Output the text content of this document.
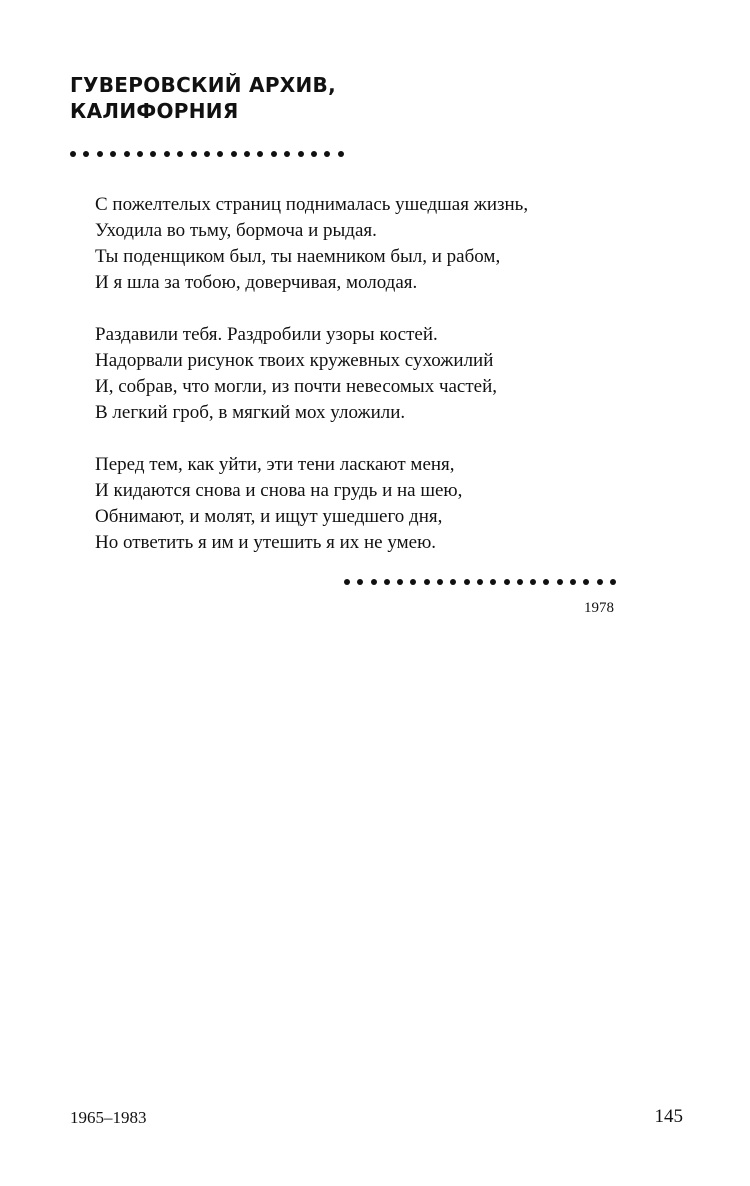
ГУВЕРОВСКИЙ АРХИВ,
КАЛИФОРНИЯ

С пожелтелых страниц поднималась ушедшая жизнь,
Уходила во тьму, бормоча и рыдая.
Ты поденщиком был, ты наемником был, и рабом,
И я шла за тобою, доверчивая, молодая.

Раздавили тебя. Раздробили узоры костей.
Надорвали рисунок твоих кружевных сухожилий
И, собрав, что могли, из почти невесомых частей,
В легкий гроб, в мягкий мох уложили.

Перед тем, как уйти, эти тени ласкают меня,
И кидаются снова и снова на грудь и на шею,
Обнимают, и молят, и ищут ушедшего дня,
Но ответить я им и утешить я их не умею.

1978
1965–1983	145
